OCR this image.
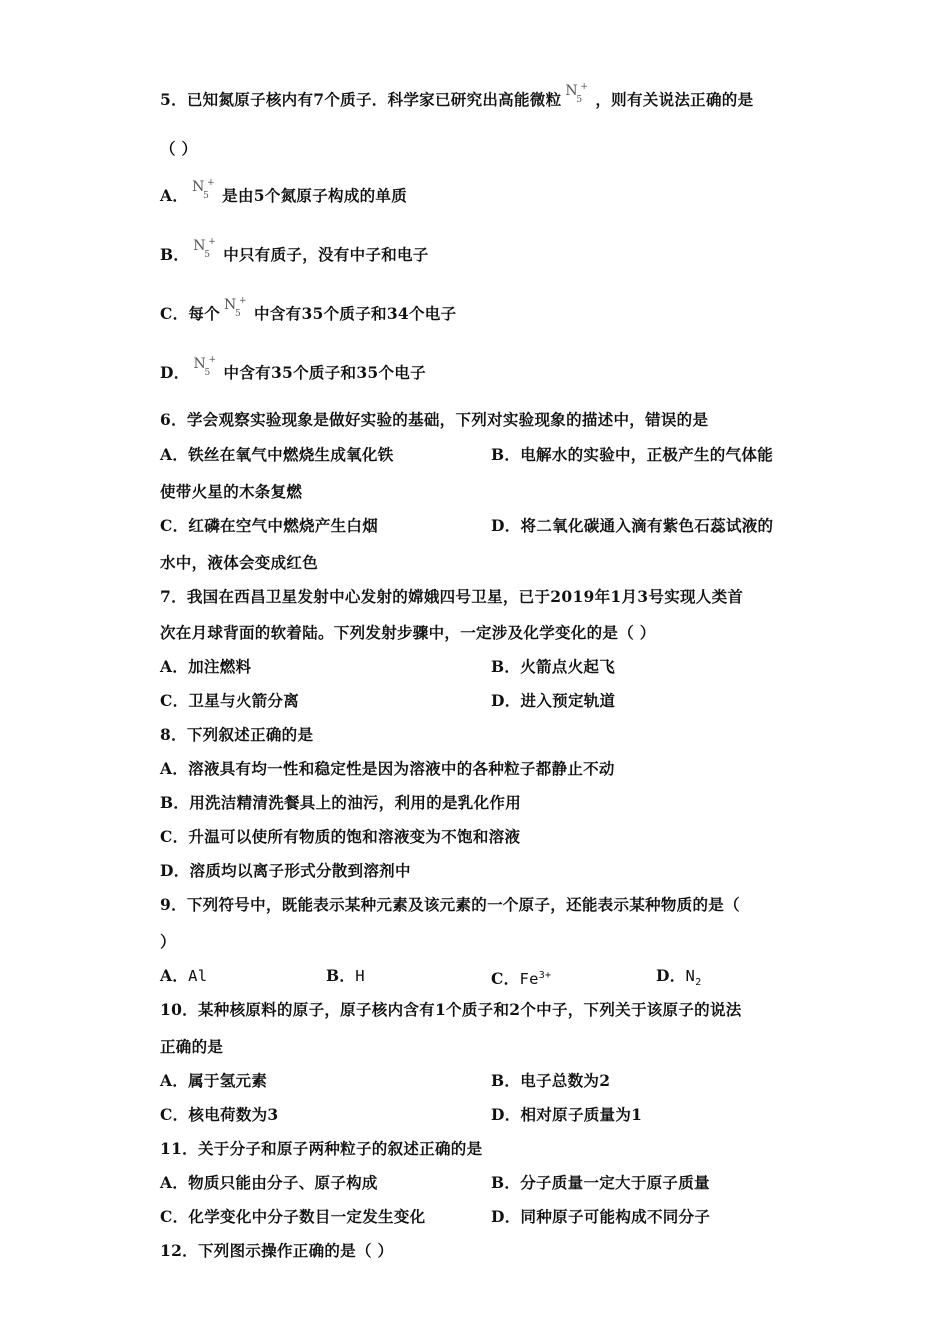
5．已知氮原子核内有7个质子．科学家已研究出高能微粒 N
5
+
，则有关说法正确的是
（ ）
A． N
5
+
是由5个氮原子构成的单质
B． N
5
+
中只有质子，没有中子和电子
C．每个 N
5
+
中含有35个质子和34个电子
D． N
5
+
中含有35个质子和35个电子
6．学会观察实验现象是做好实验的基础，下列对实验现象的描述中，错误的是
A．铁丝在氧气中燃烧生成氧化铁	B．电解水的实验中，正极产生的气体能
使带火星的木条复燃
C．红磷在空气中燃烧产生白烟	D．将二氧化碳通入滴有紫色石蕊试液的
水中，液体会变成红色
7．我国在西昌卫星发射中心发射的嫦娥四号卫星，已于2019年1月3号实现人类首
次在月球背面的软着陆。下列发射步骤中，一定涉及化学变化的是（ ）
A．加注燃料	B．火箭点火起飞
C．卫星与火箭分离	D．进入预定轨道
8．下列叙述正确的是
A．溶液具有均一性和稳定性是因为溶液中的各种粒子都静止不动
B．用洗洁精清洗餐具上的油污，利用的是乳化作用
C．升温可以使所有物质的饱和溶液变为不饱和溶液
D．溶质均以离子形式分散到溶剂中
9．下列符号中，既能表示某种元素及该元素的一个原子，还能表示某种物质的是（
）
A．Al	B．H	C．$Fe^{3+}$	D．$N_2$
10．某种核原料的原子，原子核内含有1个质子和2个中子，下列关于该原子的说法
正确的是
A．属于氢元素	B．电子总数为2
C．核电荷数为3	D．相对原子质量为1
11．关于分子和原子两种粒子的叙述正确的是
A．物质只能由分子、原子构成	B．分子质量一定大于原子质量
C．化学变化中分子数目一定发生变化	D．同种原子可能构成不同分子
12．下列图示操作正确的是（ ）
